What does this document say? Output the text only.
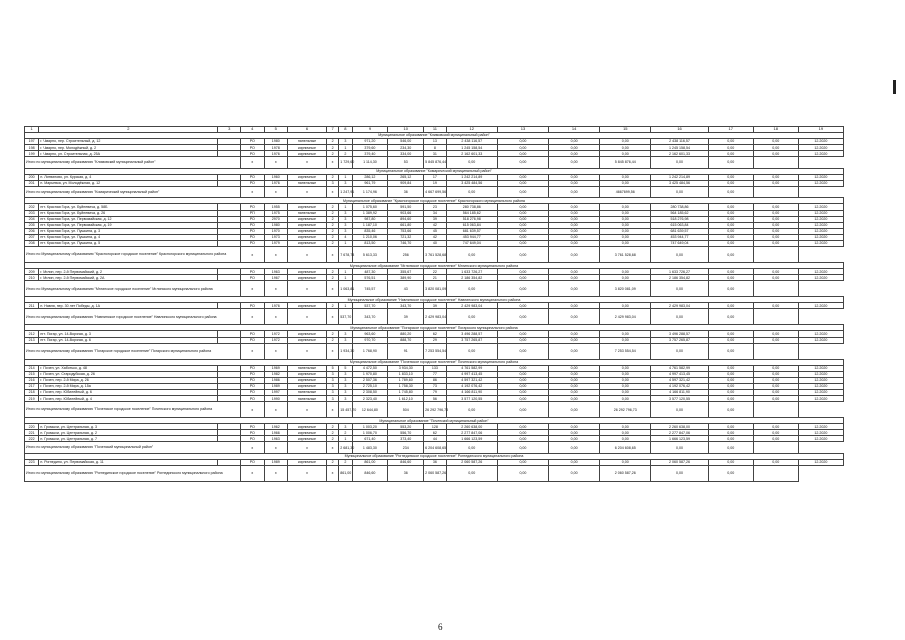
1	2	3	4	5	6	7	8	9	10	11	12	13	14	15	16	17	18	19
Муниципальное образование "Климовский муниципальный район"																		
197	г. Чмарно, пер. Строительный, д. 12		РО	1980	панельные	2	3	971,20	546,00	13	2 438 116,57	0,00	0,00	0,00	2 438 116,57	0,00	0,00	12.2020
198	г. Чмарно, пер. Молодёжный, д. 2		РО	1978	кирпичные	2	1	379,60	234,30	8	1 245 158,54	0,00	0,00	0,00	1 245 158,54	0,00	0,00	12.2020
199	г. Чмарно, ул. Строительная, д. 25А		РО	1976	кирпичные	2	2	379,40	334,00	31	2 162 601,33	0,00	0,00	0,00	2 162 601,33	0,00	0,00	12.2020
Итого по муниципальному образованию "Климовский муниципальный район"			x	x	x	x	1 729,60	1 114,30	53	5 845 876,44	0,00	0,00	0,00	5 845 876,44	0,00	0,00		
Муниципальное образование "Комарический муниципальный район"																		
200	п. Литвиново, ул. Курская, д. 4		РО	1960	кирпичные	2	1	286,12	265,12	17	1 242 214,89	0,00	0,00	0,00	1 242 214,89	0,00	0,00	12.2020
201	п. Марьевка, ул. Молодёжная, д. 12		РО	1976	панельные	3	3	961,79	909,84	19	3 425 484,56	0,00	0,00	0,00	3 425 484,56	0,00	0,00	12.2020
Итого по муниципальному образованию "Комарический муниципальный район"			x	x	x	x	1 247,91	1 174,96	36	4 667 699,56	0,00	0,00	0,00	4667699,56	0,00	0,00		
Муниципальное образование "Красногорское городское поселение" Красногорского муниципального района																		
202	пгт. Красная Гора, ул. Буйневича, д. 58Б		РО	1955	кирпичные	2	1	1 075,60	591,50	23	280 738,86	0,00	0,00	0,00	280 738,86	0,00	0,00	12.2020
203	пгт. Красная Гора, ул. Буйневича, д. 26		РП	1975	панельные	2	3	1 389,92	903,66	34	564 185,62	0,00	0,00	0,00	564 185,62	0,00	0,00	12.2020
204	пгт. Красная Гора, ул. Первомайская, д. 12		РО	2970	кирпичные	2	3	987,80	894,60	39	518 276,98	0,00	0,00	0,00	518 276,98	0,00	0,00	12.2020
205	пгт. Красная Гора, ул. Первомайская, д. 19		РО	1980	кирпичные	2	3	1 187,10	661,80	42	615 063,84	0,00	0,00	0,00	615 063,84	0,00	0,00	12.2020
206	пгт. Красная Гора, ул. Пушкина, д. 3		РО	1970	кирпичные	2	3	835,46	753,66	45	681 639,57	0,00	0,00	0,00	681 639,57	0,00	0,00	12.2020
207	пгт. Красная Гора, ул. Пушкина, д. 4		РО	1973	кирпичные	2	4	1 210,06	721,32	42	453 944,77	0,00	0,00	0,00	453 944,77	0,00	0,00	12.2020
208	пгт. Красная Гора, ул. Пушкина, д. 5		РО	1979	кирпичные	2	1	813,50	746,70	40	747 649,04	0,00	0,00	0,00	747 649,04	0,00	0,00	12.2020
Итого по Муниципальному образованию "Красногорское городское поселение" Красногорского муниципального района			x	x	x	x	7 678,78	5 613,33	256	3 761 528,68	0,00	0,00	0,00	3 761 528,68	0,00	0,00		
Муниципальное образование "Мглинское городское поселение" Мглинского муниципального района																		
209	г. Мглин, пер. 2-й Первомайский, д. 2		РО	1963	кирпичные	2	1	487,30	355,67	22	1 633 726,27	0,00	0,00	0,00	1 633 726,27	0,00	0,00	12.2020
210	г. Мглин, пер. 2-й Первомайский, д. 2А		РО	1967	кирпичные	2	1	576,51	389,90	21	2 186 354,82	0,00	0,00	0,00	2 186 354,82	0,00	0,00	12.2020
Итого по Муниципальному образованию "Мглинское городское поселение" Мглинского муниципального района			x	x	x	x	1 063,81	745,57	43	3 820 081,09	0,00	0,00	0,00	3 820 081,09	0,00	0,00		
Муниципальное образование "Навлинское городское поселение" Навлинского муниципального района																		
211	п. Навля, пер. 30 лет Победы, д. 1А		РО	1976	кирпичные	2	1	537,70	343,70	39	2 429 983,04	0,00	0,00	0,00	2 429 983,04	0,00	0,00	12.2020
Итого по муниципальному образованию "Навлинское городское поселение" Навлинского муниципального района			x	x	x	x	537,70	343,70	39	2 429 983,04	0,00	0,00	0,00	2 429 983,04	0,00	0,00		
Муниципальное образование "Погарское городское поселение" Погарского муниципального района																		
212	пгт. Погар, ул. 14-Bорзгая, д. 3		РО	1972	кирпичные	2	3	963,60	880,20	62	3 496 288,57	0,00	0,00	0,00	3 496 288,57	0,00	0,00	12.2020
213	пгт. Погар, ул. 14-Bорзгая, д. 6		РО	1972	кирпичные	2	3	970,70	888,70	29	3 757 265,87	0,00	0,00	0,00	3 757 265,87	0,00	0,00	12.2020
Итого по муниципальному образованию "Погарское городское поселение" Погарского муниципального района			x	x	x	x	1 934,30	1 768,90	91	7 253 554,54	0,00	0,00	0,00	7 253 554,54	0,00	0,00		
Муниципальное образование "Почепское городское поселение" Почепского муниципального района																		
214	г. Почеп, ул. Хаботько, д. 48		РО	1969	панельные	5	5	4 472,50	3 934,30	133	4 761 582,99	0,00	0,00	0,00	4 761 582,99	0,00	0,00	12.2020
215	г. Почеп, ул. Стародубская, д. 26		РО	1982	кирпичные	3	3	1 970,80	1 833,10	77	4 997 413,45	0,00	0,00	0,00	4 997 413,45	0,00	0,00	12.2020
216	г. Почеп, пер. 2-й Мира, д. 26		РО	1986	кирпичные	3	3	2 507,36	1 789,60	86	4 597 321,42	0,00	0,00	0,00	4 597 321,42	0,00	0,00	12.2020
217	г. Почеп, пер. 2-й Мира, д. 15а		РО	1989	кирпичные	3	3	2 725,10	1 758,30	73	4 192 076,42	0,00	0,00	0,00	4 192 076,42	0,00	0,00	12.2020
218	г. Почеп, пер. Юбилейный, д. 6		РО	1997	панельные	3	3	2 308,50	1 745,80	79	4 166 811,90	0,00	0,00	0,00	4 166 811,90	0,00	0,00	12.2020
219	г. Почеп, пер. Юбилейный, д. 4		РО	1990	панельные	3	3	2 323,40	1 612,10	56	3 577 120,55	0,00	0,00	0,00	3 577 120,55	0,00	0,00	12.2020
Итого по муниципальному образованию "Почепское городское поселение" Почепского муниципального района			x	x	x	x	15 457,70	12 644,80	504	26 292 796,73	0,00	0,00	0,00	26 292 796,73	0,00	0,00		
Муниципальное образование "Почепский муниципальный район"																		
220	п. Громыхи, ул. Центральная, д. 3		РО	1962	кирпичные	2	3	1 003,20	553,20	128	2 260 638,00	0,00	0,00	0,00	2 260 638,00	0,00	0,00	12.2020
221	п. Громыхи, ул. Центральная, д. 2		РО	1966	кирпичные	2	2	1 006,70	556,70	62	2 277 847,06	0,00	0,00	0,00	2 277 847,06	0,00	0,00	12.2020
222	п. Громыхи, ул. Центральная, д. 7		РО	1963	кирпичные	2	1	671,40	373,40	44	1 666 123,59	0,00	0,00	0,00	1 666 123,59	0,00	0,00	12.2020
Итого по муниципальному образованию "Почепский муниципальный район"			x	x	x	x	2 681,30	1 483,30	234	6 204 608,65	0,00	0,00	0,00	6 204 608,65	0,00	0,00		
Муниципальное образование "Рогнединское городское поселение" Рогнединского муниципального района																		
223	п. Рогнедино, ул. Первомайская, д. 11		РО	1989	кирпичные	2	2	861,00	846,60	36	2 060 587,26	0,00	0,00	0,00	2 060 587,26	0,00	0,00	12.2020
Итого по муниципальному образованию "Рогнединское городское поселение" Рогнединского муниципального района			x	x	x	x	861,00	846,60	36	2 060 587,26	0,00	0,00	0,00	2 060 587,26	0,00	0,00		
6
